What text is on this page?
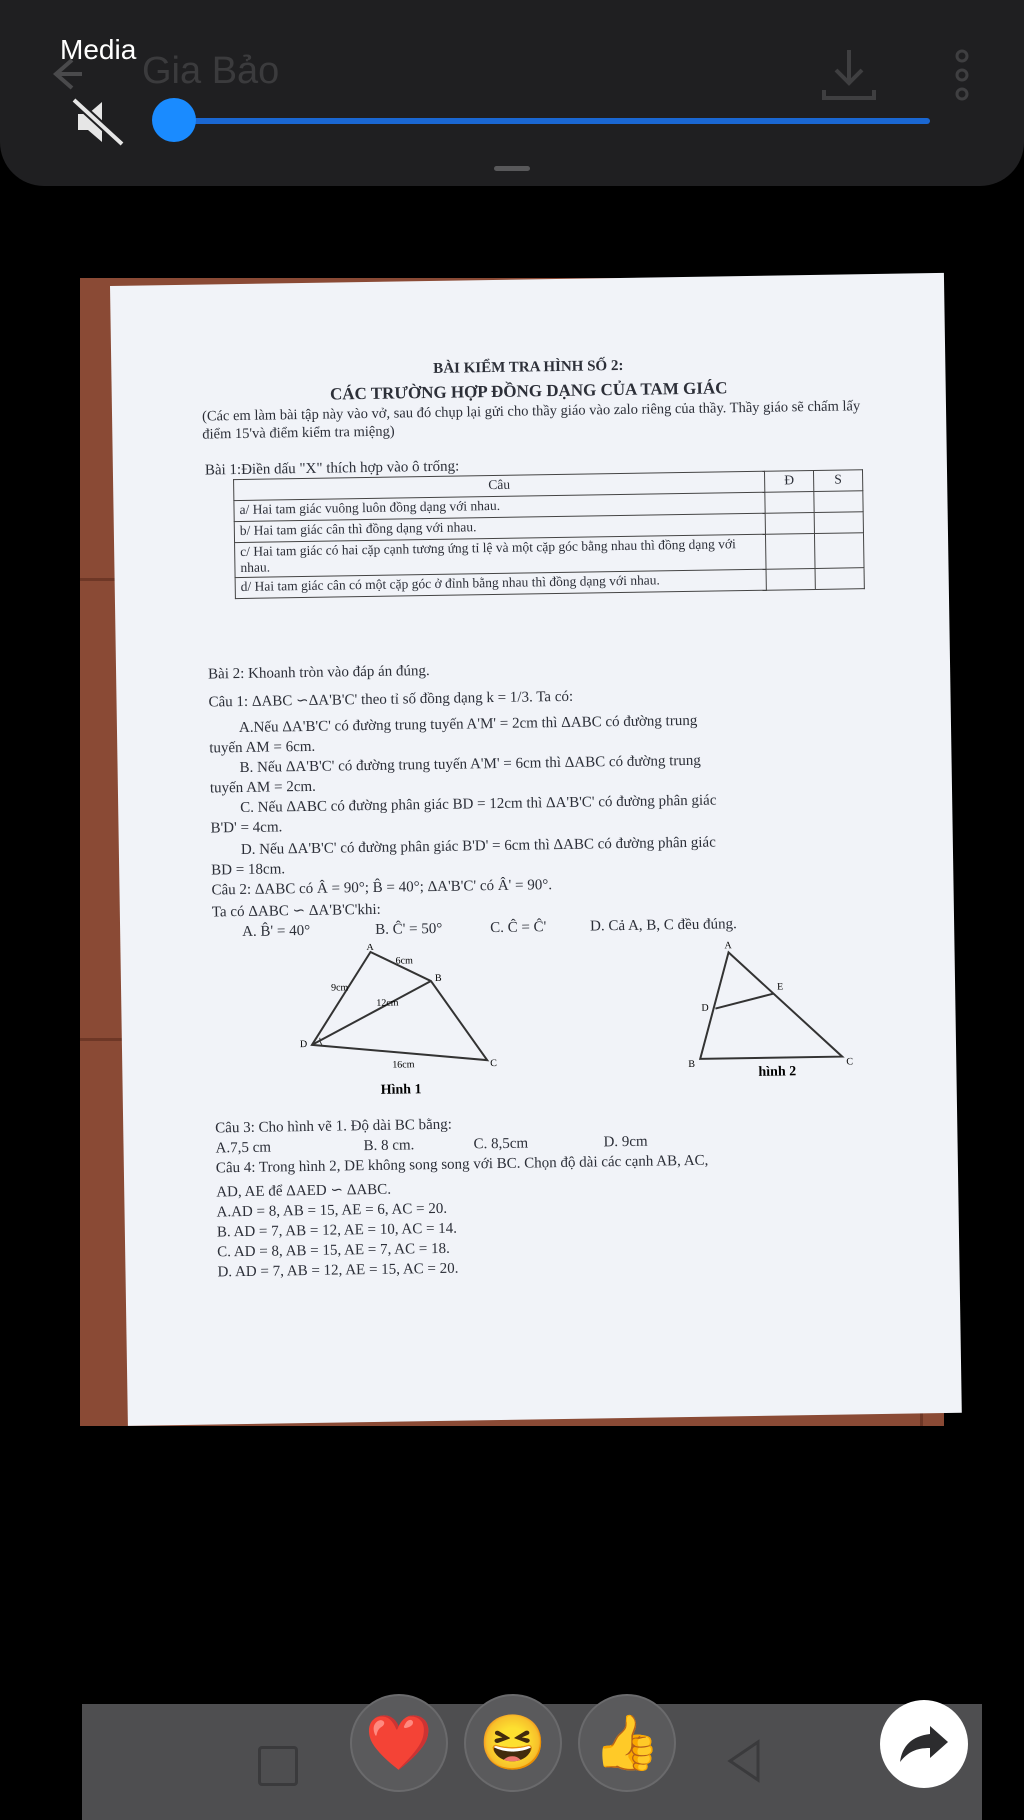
Gia Bảo
Media
BÀI KIỂM TRA HÌNH SỐ 2:
CÁC TRƯỜNG HỢP ĐỒNG DẠNG CỦA TAM GIÁC
(Các em làm bài tập này vào vở, sau đó chụp lại gửi cho thầy giáo vào zalo riêng của thầy. Thầy giáo sẽ chấm lấy điểm 15'và điểm kiểm tra miệng)
Bài 1:Điền dấu "X" thích hợp vào ô trống:
Câu	Đ	S
a/ Hai tam giác vuông luôn đồng dạng với nhau.		
b/ Hai tam giác cân thì đồng dạng với nhau.		
c/ Hai tam giác có hai cặp cạnh tương ứng tỉ lệ và một cặp góc bằng nhau thì đồng dạng với nhau.		
d/ Hai tam giác cân có một cặp góc ở đỉnh bằng nhau thì đồng dạng với nhau.		
Bài 2: Khoanh tròn vào đáp án đúng.
Câu 1: ΔABC ∽ΔA'B'C' theo tỉ số đồng dạng k = 1/3. Ta có:
A.Nếu ΔA'B'C' có đường trung tuyến A'M' = 2cm thì ΔABC có đường trung
tuyến AM = 6cm.
B. Nếu ΔA'B'C' có đường trung tuyến A'M' = 6cm thì ΔABC có đường trung
tuyến AM = 2cm.
C. Nếu ΔABC có đường phân giác BD = 12cm thì ΔA'B'C' có đường phân giác
B'D' = 4cm.
D. Nếu ΔA'B'C' có đường phân giác B'D' = 6cm thì ΔABC có đường phân giác
BD = 18cm.
Câu 2: ΔABC có Â = 90°; B̂ = 40°; ΔA'B'C' có Â' = 90°.
Ta có ΔABC ∽ ΔA'B'C'khi:
A. B̂' = 40°	B. Ĉ' = 50°	C. Ĉ = Ĉ'	D. Cả A, B, C đều đúng.
A
B
C
D
6cm
9cm
12cm
16cm
Hình 1
A
B	C
D
E
hình 2
Câu 3: Cho hình vẽ 1. Độ dài BC bằng:
A.7,5 cm	B. 8 cm.	C. 8,5cm	D. 9cm
Câu 4: Trong hình 2, DE không song song với BC. Chọn độ dài các cạnh AB, AC,
AD, AE để ΔAED ∽ ΔABC.
A.AD = 8, AB = 15, AE = 6, AC = 20.
B. AD = 7, AB = 12, AE = 10, AC = 14.
C. AD = 8, AB = 15, AE = 7, AC = 18.
D. AD = 7, AB = 12, AE = 15, AC = 20.
❤️ 😆 👍
